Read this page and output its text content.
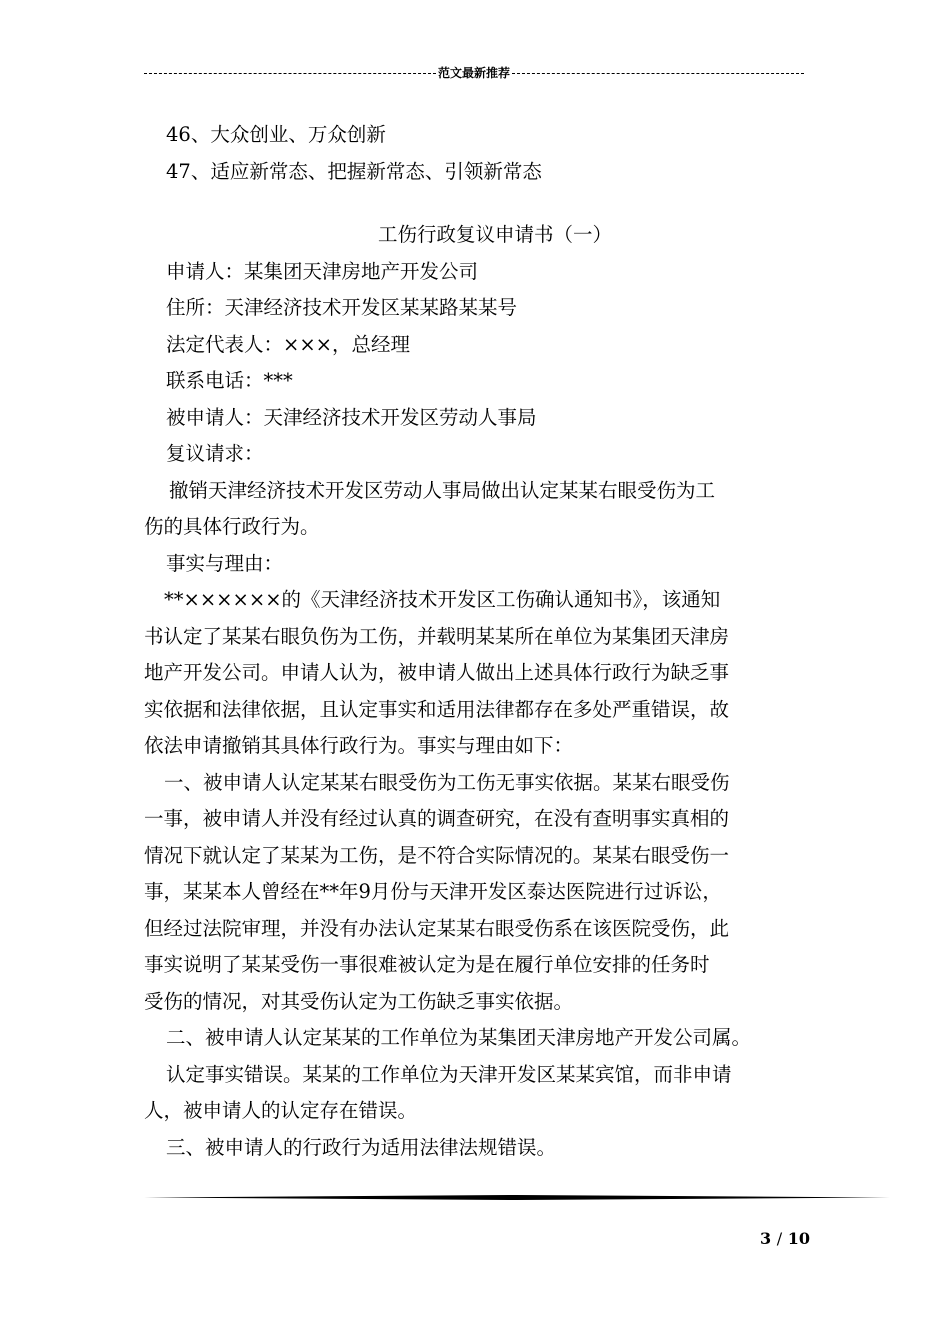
范文最新推荐
46、大众创业、万众创新
47、适应新常态、把握新常态、引领新常态
工伤行政复议申请书（一）
申请人：某集团天津房地产开发公司
住所：天津经济技术开发区某某路某某号
法定代表人：×××，总经理
联系电话：***
被申请人：天津经济技术开发区劳动人事局
复议请求：
撤销天津经济技术开发区劳动人事局做出认定某某右眼受伤为工
伤的具体行政行为。
事实与理由：
**××××××的《天津经济技术开发区工伤确认通知书》，该通知
书认定了某某右眼负伤为工伤，并载明某某所在单位为某集团天津房
地产开发公司。申请人认为，被申请人做出上述具体行政行为缺乏事
实依据和法律依据，且认定事实和适用法律都存在多处严重错误，故
依法申请撤销其具体行政行为。事实与理由如下：
一、被申请人认定某某右眼受伤为工伤无事实依据。某某右眼受伤
一事，被申请人并没有经过认真的调查研究，在没有查明事实真相的
情况下就认定了某某为工伤，是不符合实际情况的。某某右眼受伤一
事，某某本人曾经在**年9月份与天津开发区泰达医院进行过诉讼，
但经过法院审理，并没有办法认定某某右眼受伤系在该医院受伤，此
事实说明了某某受伤一事很难被认定为是在履行单位安排的任务时
受伤的情况，对其受伤认定为工伤缺乏事实依据。
二、被申请人认定某某的工作单位为某集团天津房地产开发公司属。
认定事实错误。某某的工作单位为天津开发区某某宾馆，而非申请
人，被申请人的认定存在错误。
三、被申请人的行政行为适用法律法规错误。
3 / 10
